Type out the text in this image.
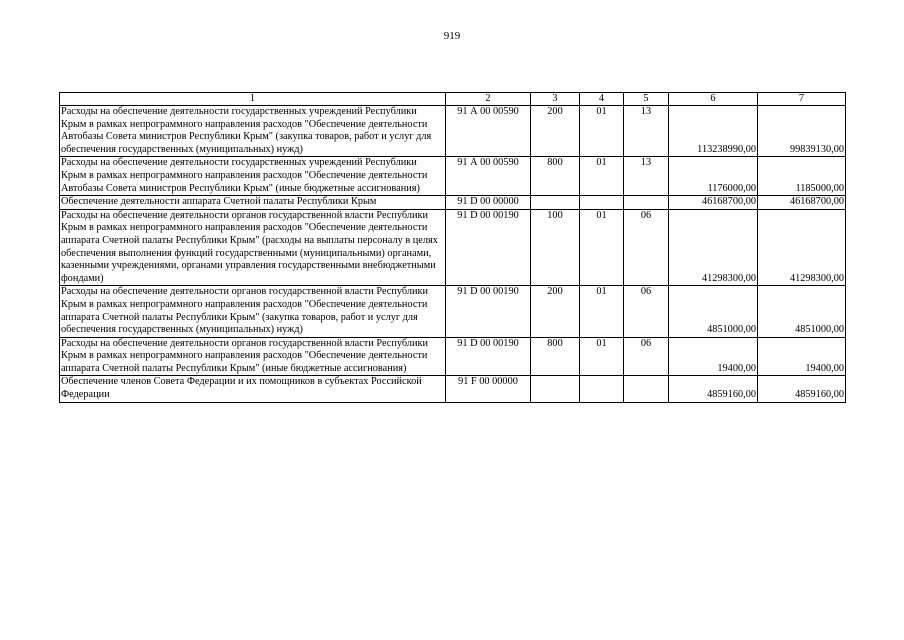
919
1	2	3	4	5	6	7
Расходы на обеспечение деятельности государственных учреждений Республики Крым в рамках непрограммного направления расходов "Обеспечение деятельности Автобазы Совета министров Республики Крым" (закупка товаров, работ и услуг для обеспечения государственных (муниципальных) нужд)	91 А 00 00590	200	01	13	113238990,00	99839130,00
Расходы на обеспечение деятельности государственных учреждений Республики Крым в рамках непрограммного направления расходов "Обеспечение деятельности Автобазы Совета министров Республики Крым" (иные бюджетные ассигнования)	91 А 00 00590	800	01	13	1176000,00	1185000,00
Обеспечение деятельности аппарата Счетной палаты Республики Крым	91 D 00 00000				46168700,00	46168700,00
Расходы на обеспечение деятельности органов государственной власти Республики Крым в рамках непрограммного направления расходов "Обеспечение деятельности аппарата Счетной палаты Республики Крым" (расходы на выплаты персоналу в целях обеспечения выполнения функций государственными (муниципальными) органами, казенными учреждениями, органами управления государственными внебюджетными фондами)	91 D 00 00190	100	01	06	41298300,00	41298300,00
Расходы на обеспечение деятельности органов государственной власти Республики Крым в рамках непрограммного направления расходов "Обеспечение деятельности аппарата Счетной палаты Республики Крым" (закупка товаров, работ и услуг для обеспечения государственных (муниципальных) нужд)	91 D 00 00190	200	01	06	4851000,00	4851000,00
Расходы на обеспечение деятельности органов государственной власти Республики Крым в рамках непрограммного направления расходов "Обеспечение деятельности аппарата Счетной палаты Республики Крым" (иные бюджетные ассигнования)	91 D 00 00190	800	01	06	19400,00	19400,00
Обеспечение членов Совета Федерации и их помощников в субъектах Российской Федерации	91 F 00 00000				4859160,00	4859160,00
